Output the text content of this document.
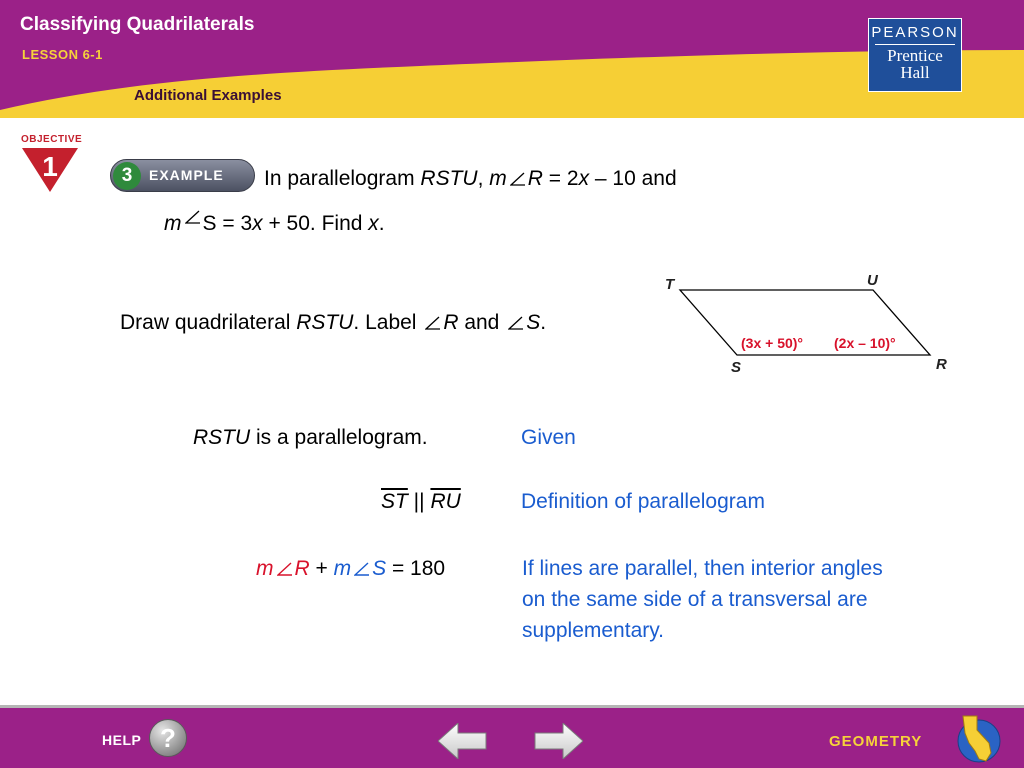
Classifying Quadrilaterals
LESSON 6-1
Additional Examples
PEARSON
Prentice
Hall
OBJECTIVE
1	3	EXAMPLE In parallelogram RSTU, m R = 2x – 10 and
m S = 3x + 50. Find x.
Draw quadrilateral RSTU. Label R and S.
T	U
S	R
(3x + 50)° (2x – 10)°
RSTU is a parallelogram.	Given
$\overline{ST}$ || $\overline{RU}$	Definition of parallelogram
m R + m S = 180	If lines are parallel, then interior angles on the same side of a transversal are supplementary.
HELP ?	GEOMETRY
